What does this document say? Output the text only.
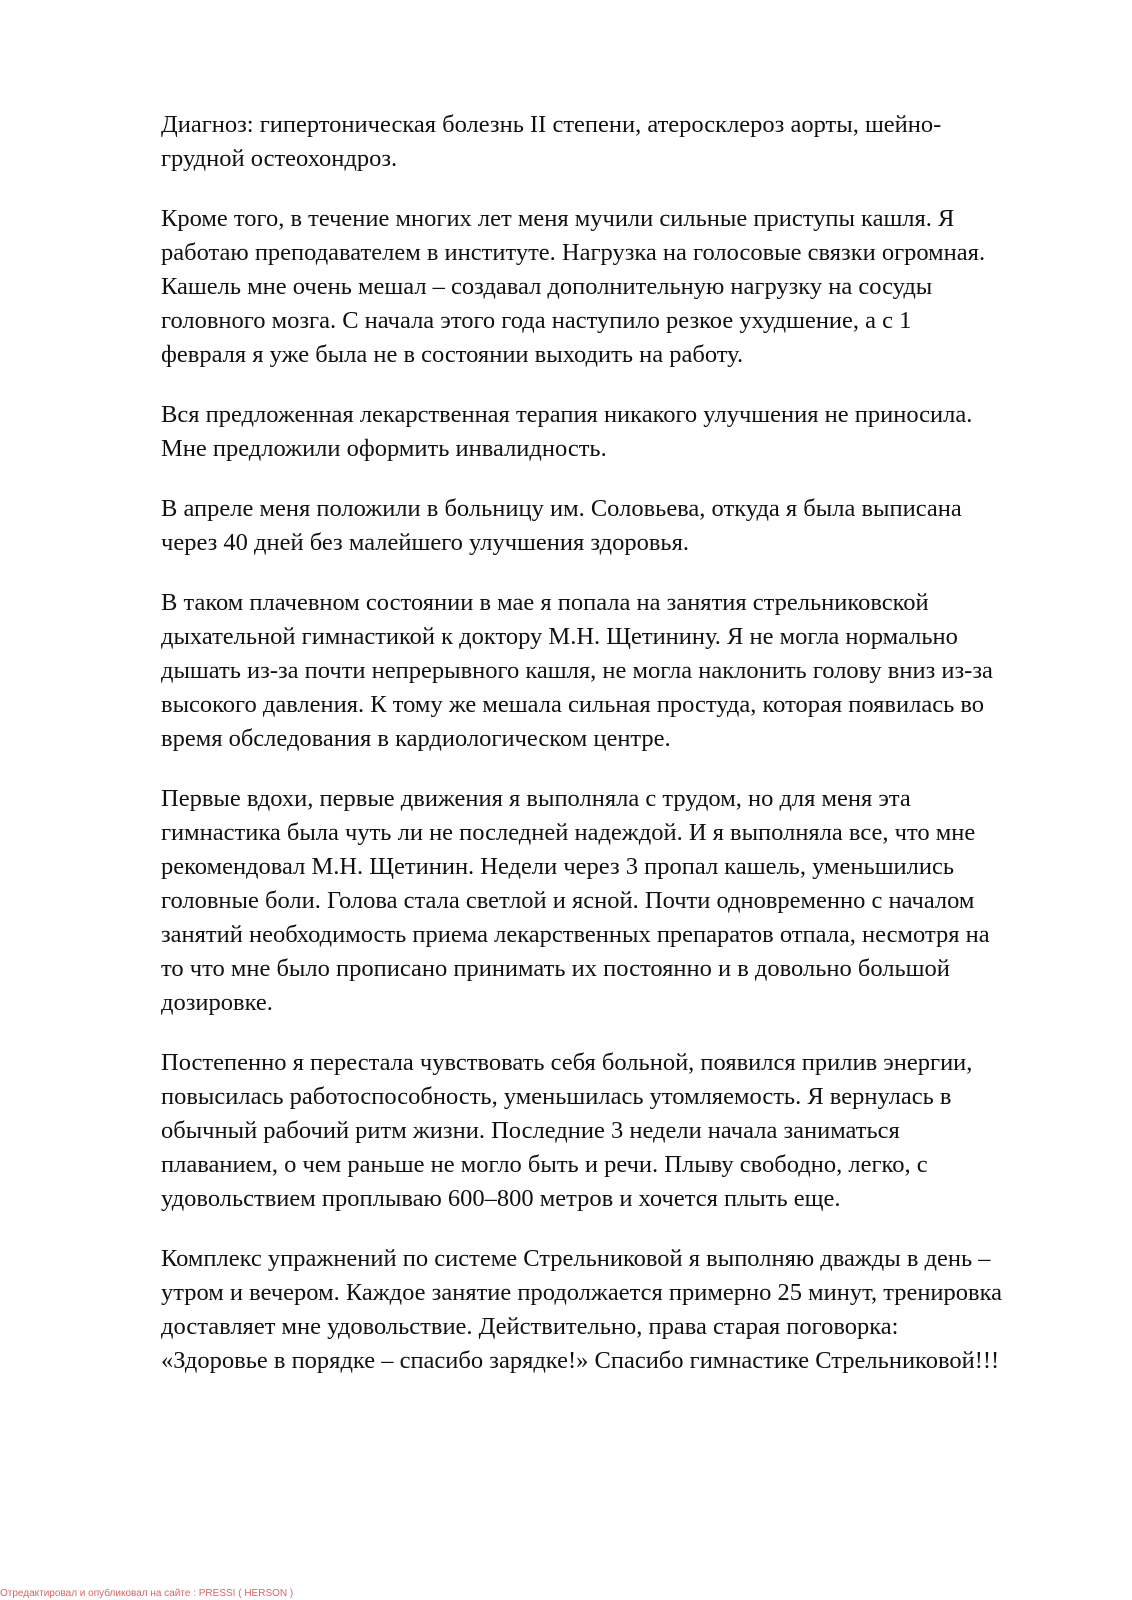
Диагноз: гипертоническая болезнь II степени, атеросклероз аорты, шейно-
грудной остеохондроз.

Кроме того, в течение многих лет меня мучили сильные приступы кашля. Я
работаю преподавателем в институте. Нагрузка на голосовые связки огромная.
Кашель мне очень мешал – создавал дополнительную нагрузку на сосуды
головного мозга. С начала этого года наступило резкое ухудшение, а с 1
февраля я уже была не в состоянии выходить на работу.

Вся предложенная лекарственная терапия никакого улучшения не приносила.
Мне предложили оформить инвалидность.

В апреле меня положили в больницу им. Соловьева, откуда я была выписана
через 40 дней без малейшего улучшения здоровья.

В таком плачевном состоянии в мае я попала на занятия стрельниковской
дыхательной гимнастикой к доктору М.Н. Щетинину. Я не могла нормально
дышать из-за почти непрерывного кашля, не могла наклонить голову вниз из-за
высокого давления. К тому же мешала сильная простуда, которая появилась во
время обследования в кардиологическом центре.

Первые вдохи, первые движения я выполняла с трудом, но для меня эта
гимнастика была чуть ли не последней надеждой. И я выполняла все, что мне
рекомендовал М.Н. Щетинин. Недели через 3 пропал кашель, уменьшились
головные боли. Голова стала светлой и ясной. Почти одновременно с началом
занятий необходимость приема лекарственных препаратов отпала, несмотря на
то что мне было прописано принимать их постоянно и в довольно большой
дозировке.

Постепенно я перестала чувствовать себя больной, появился прилив энергии,
повысилась работоспособность, уменьшилась утомляемость. Я вернулась в
обычный рабочий ритм жизни. Последние 3 недели начала заниматься
плаванием, о чем раньше не могло быть и речи. Плыву свободно, легко, с
удовольствием проплываю 600–800 метров и хочется плыть еще.

Комплекс упражнений по системе Стрельниковой я выполняю дважды в день –
утром и вечером. Каждое занятие продолжается примерно 25 минут, тренировка
доставляет мне удовольствие. Действительно, права старая поговорка:
«Здоровье в порядке – спасибо зарядке!» Спасибо гимнастике Стрельниковой!!!

Отредактировал и опубликовал на сайте : PRESSI ( HERSON )
